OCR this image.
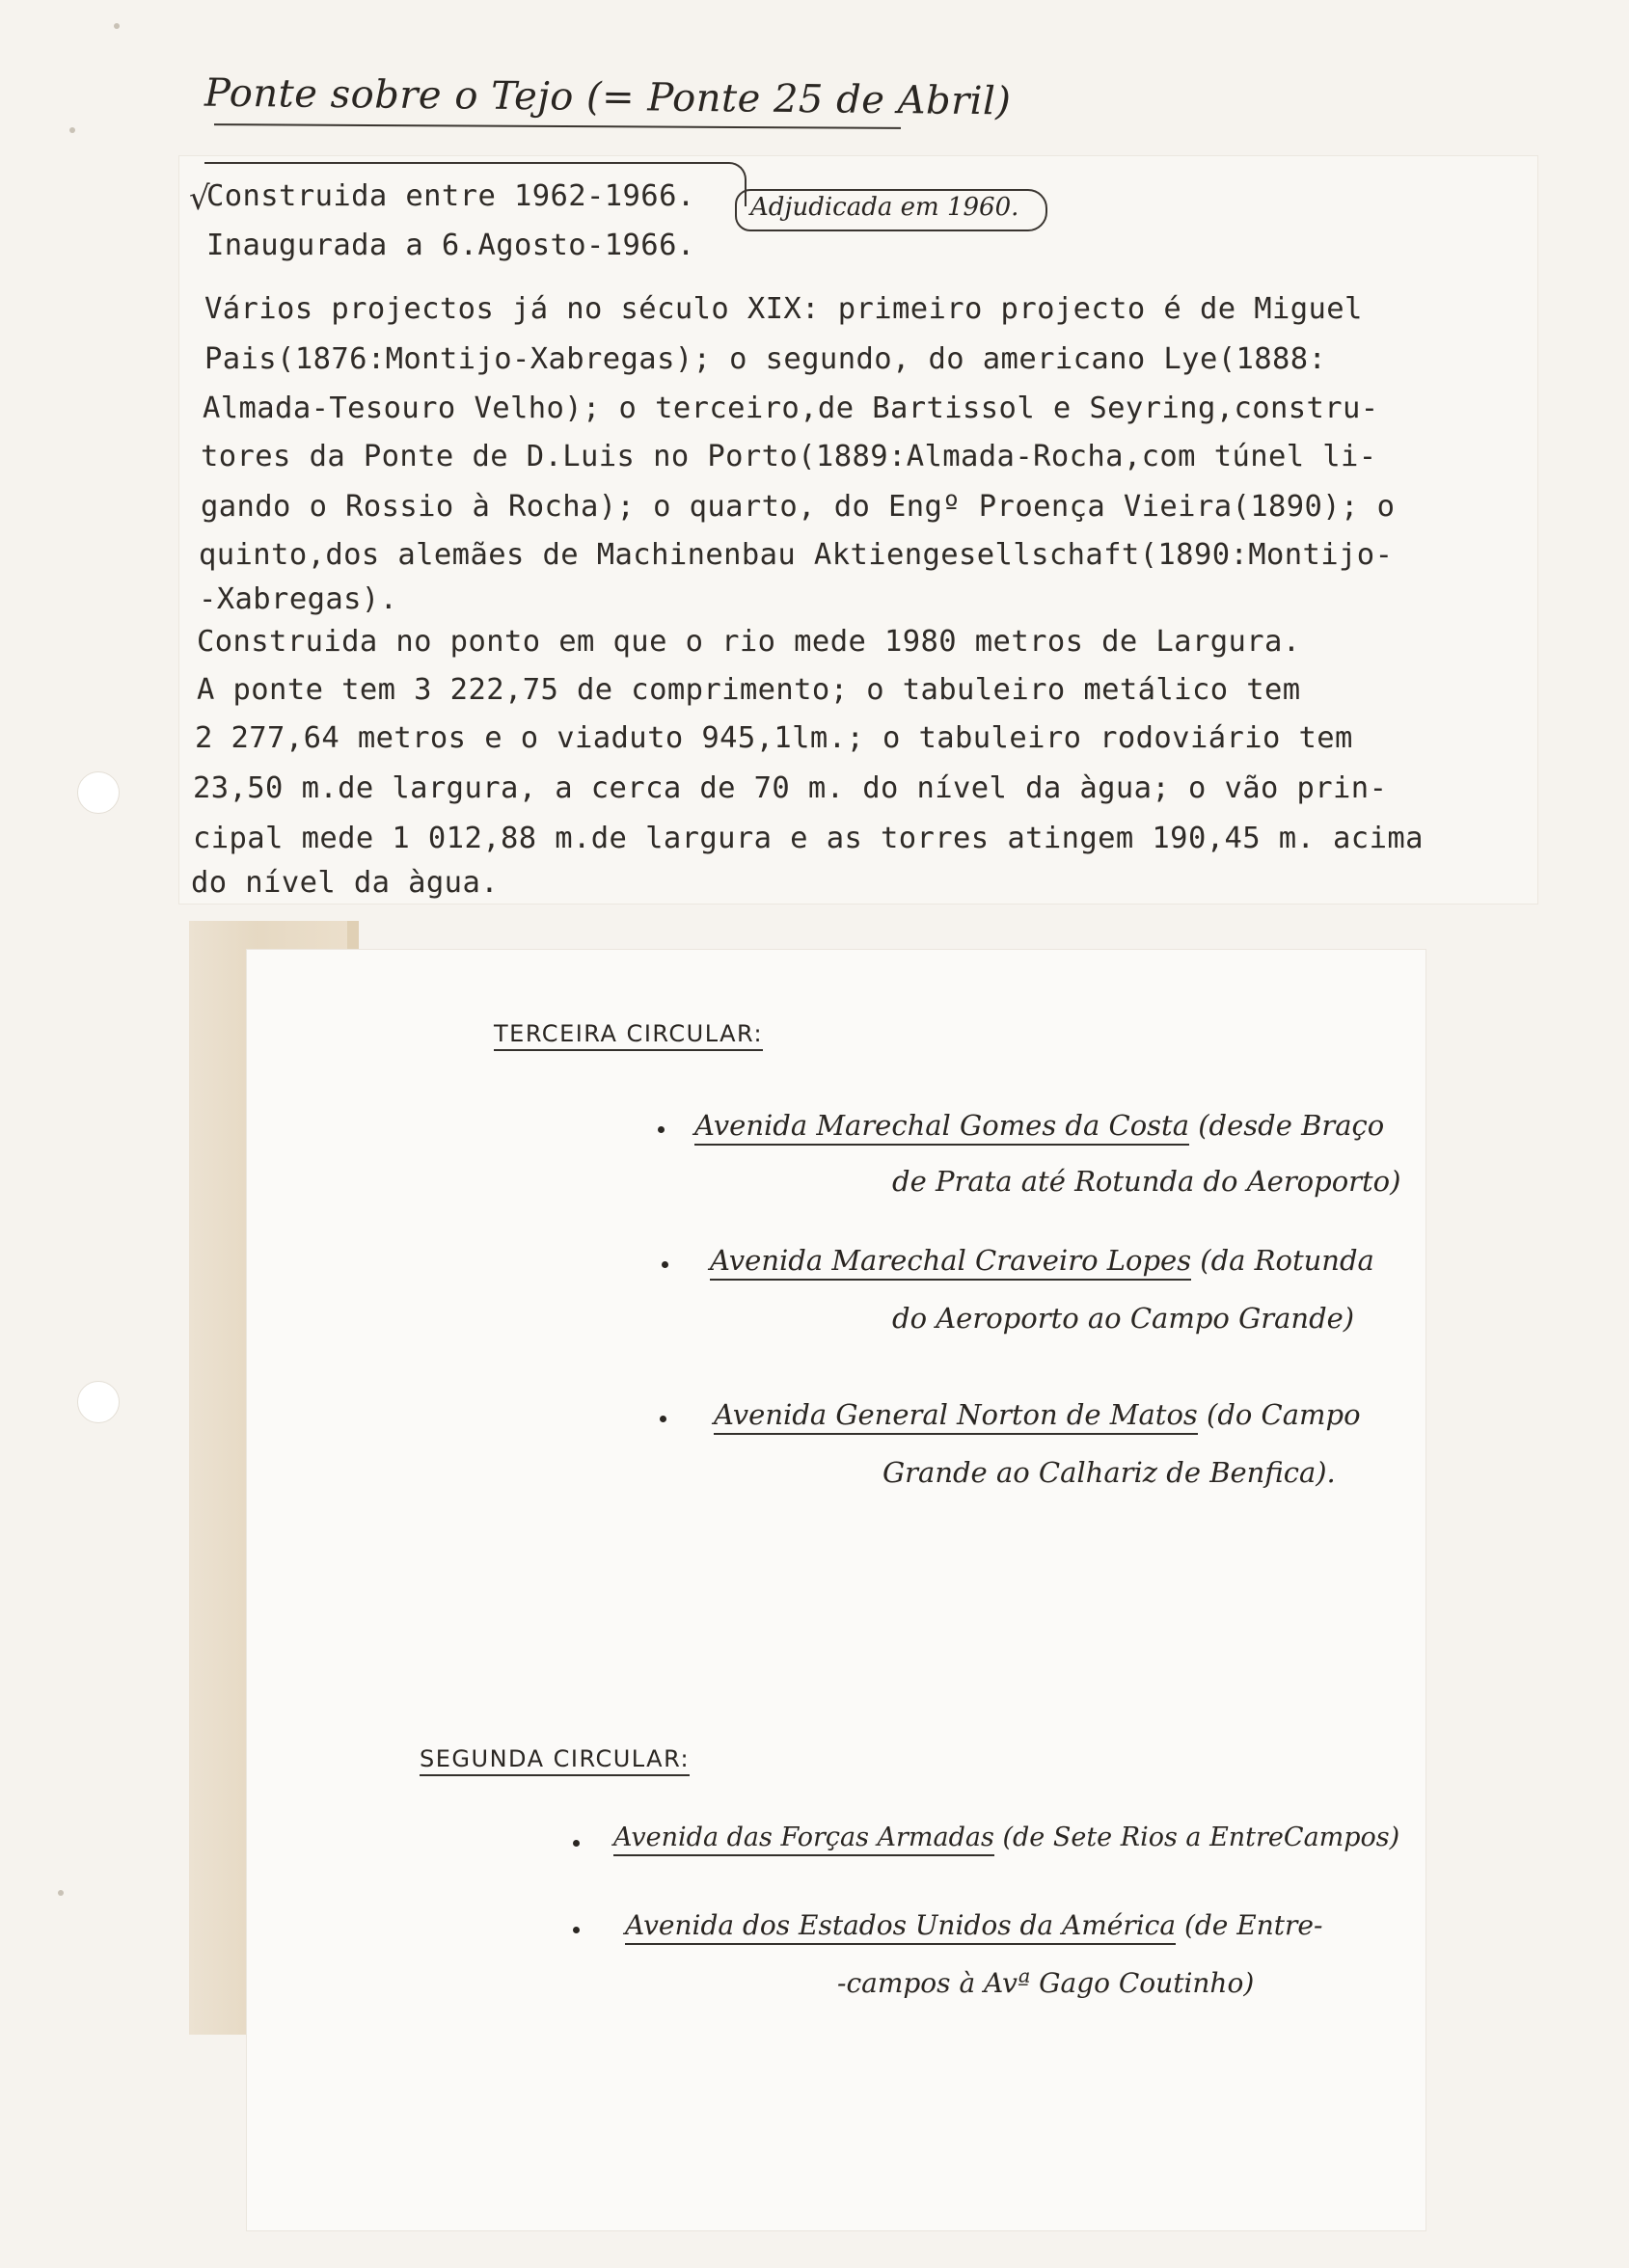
Ponte sobre o Tejo (= Ponte 25 de Abril)
√	Adjudicada em 1960.
Construida entre 1962-1966.
Inaugurada a 6.Agosto-1966.
Vários projectos já no século XIX: primeiro projecto é de Miguel
Pais(1876:Montijo-Xabregas); o segundo, do americano Lye(1888:
Almada-Tesouro Velho); o terceiro,de Bartissol e Seyring,constru-
tores da Ponte de D.Luis no Porto(1889:Almada-Rocha,com túnel li-
gando o Rossio à Rocha); o quarto, do Engº Proença Vieira(1890); o
quinto,dos alemães de Machinenbau Aktiengesellschaft(1890:Montijo-
-Xabregas).
Construida no ponto em que o rio mede 1980 metros de Largura.
A ponte tem 3 222,75 de comprimento; o tabuleiro metálico tem
2 277,64 metros e o viaduto 945,1lm.; o tabuleiro rodoviário tem
23,50 m.de largura, a cerca de 70 m. do nível da àgua; o vão prin-
cipal mede 1 012,88 m.de largura e as torres atingem 190,45 m. acima
do nível da àgua.
TERCEIRA CIRCULAR:
Avenida Marechal Gomes da Costa (desde Braço
de Prata até Rotunda do Aeroporto)
Avenida Marechal Craveiro Lopes (da Rotunda
do Aeroporto ao Campo Grande)
Avenida General Norton de Matos (do Campo
Grande ao Calhariz de Benfica).
SEGUNDA CIRCULAR:
Avenida das Forças Armadas (de Sete Rios a EntreCampos)
Avenida dos Estados Unidos da América (de Entre-
-campos à Avª Gago Coutinho)
